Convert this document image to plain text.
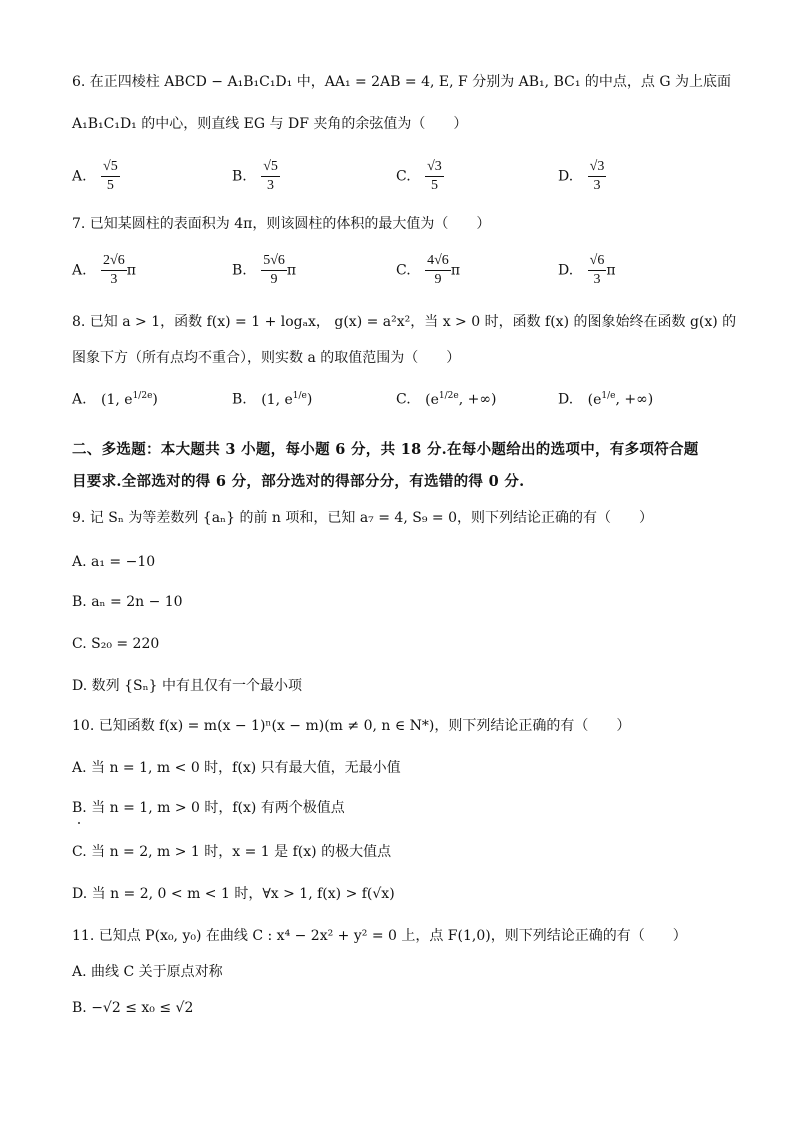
6. 在正四棱柱 ABCD − A₁B₁C₁D₁ 中，AA₁ = 2AB = 4, E, F 分别为 AB₁, BC₁ 的中点，点 G 为上底面
A₁B₁C₁D₁ 的中心，则直线 EG 与 DF 夹角的余弦值为（　　）
A. $\frac{√5}{5}$	B. $\frac{√5}{3}$	C. $\frac{√3}{5}$	D. $\frac{√3}{3}$
7. 已知某圆柱的表面积为 4π，则该圆柱的体积的最大值为（　　）
A. $\frac{2√6}{3}$ π	B. $\frac{5√6}{9}$ π	C. $\frac{4√6}{9}$ π	D. $\frac{√6}{3}$ π
8. 已知 a > 1，函数 f(x) = 1 + logₐx， g(x) = a²x²，当 x > 0 时，函数 f(x) 的图象始终在函数 g(x) 的
图象下方（所有点均不重合），则实数 a 的取值范围为（　　）
A. (1, $e^{1/2e}$)	B. (1, $e^{1/e}$)	C. ($e^{1/2e}$, +∞)	D. ($e^{1/e}$, +∞)
二、多选题：本大题共 3 小题，每小题 6 分，共 18 分.在每小题给出的选项中，有多项符合题
目要求.全部选对的得 6 分，部分选对的得部分分，有选错的得 0 分.
9. 记 Sₙ 为等差数列 {aₙ} 的前 n 项和，已知 a₇ = 4, S₉ = 0，则下列结论正确的有（　　）
A. a₁ = −10
B. aₙ = 2n − 10
C. S₂₀ = 220
D. 数列 {Sₙ} 中有且仅有一个最小项
10. 已知函数 f(x) = m(x − 1)ⁿ(x − m)(m ≠ 0, n ∈ N*)，则下列结论正确的有（　　）
A. 当 n = 1, m < 0 时，f(x) 只有最大值，无最小值
B. 当 n = 1, m > 0 时，f(x) 有两个极值点
C. 当 n = 2, m > 1 时，x = 1 是 f(x) 的极大值点
D. 当 n = 2, 0 < m < 1 时，∀x > 1, f(x) > f(√x)
11. 已知点 P(x₀, y₀) 在曲线 C : x⁴ − 2x² + y² = 0 上，点 F(1,0)，则下列结论正确的有（　　）
A. 曲线 C 关于原点对称
B. −√2 ≤ x₀ ≤ √2
